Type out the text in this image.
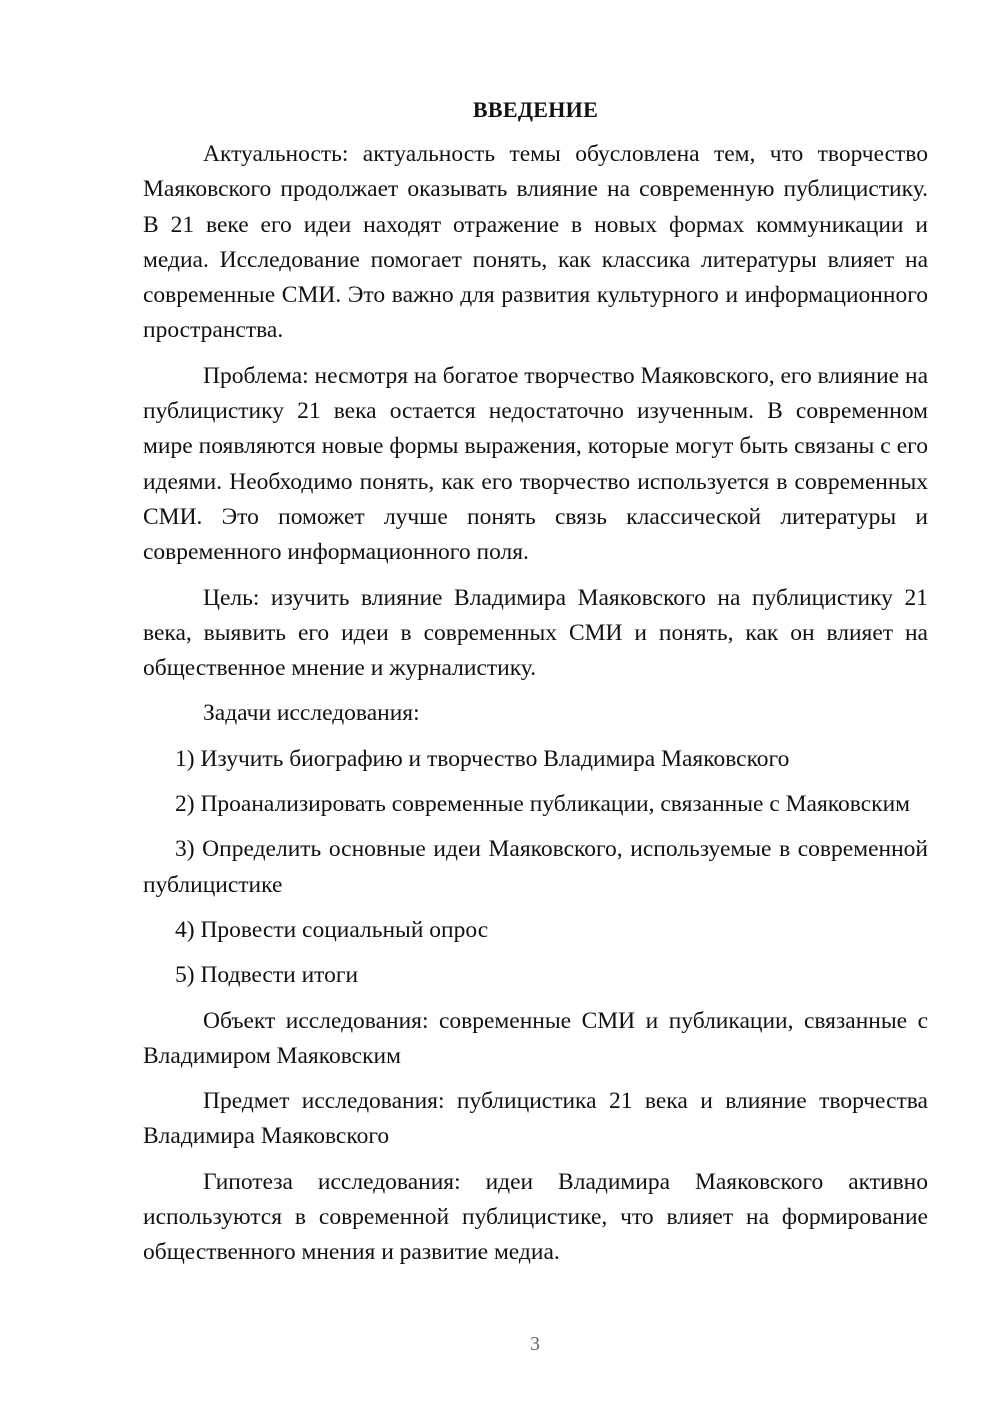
ВВЕДЕНИЕ

Актуальность: актуальность темы обусловлена тем, что творчество Маяковского продолжает оказывать влияние на современную публицистику. В 21 веке его идеи находят отражение в новых формах коммуникации и медиа. Исследование помогает понять, как классика литературы влияет на современные СМИ. Это важно для развития культурного и информационного пространства.

Проблема: несмотря на богатое творчество Маяковского, его влияние на публицистику 21 века остается недостаточно изученным. В современном мире появляются новые формы выражения, которые могут быть связаны с его идеями. Необходимо понять, как его творчество используется в современных СМИ. Это поможет лучше понять связь классической литературы и современного информационного поля.

Цель: изучить влияние Владимира Маяковского на публицистику 21 века, выявить его идеи в современных СМИ и понять, как он влияет на общественное мнение и журналистику.

Задачи исследования:

1) Изучить биографию и творчество Владимира Маяковского

2) Проанализировать современные публикации, связанные с Маяковским

3) Определить основные идеи Маяковского, используемые в современной публицистике

4) Провести социальный опрос

5) Подвести итоги

Объект исследования: современные СМИ и публикации, связанные с Владимиром Маяковским

Предмет исследования: публицистика 21 века и влияние творчества Владимира Маяковского

Гипотеза исследования: идеи Владимира Маяковского активно используются в современной публицистике, что влияет на формирование общественного мнения и развитие медиа.

3
